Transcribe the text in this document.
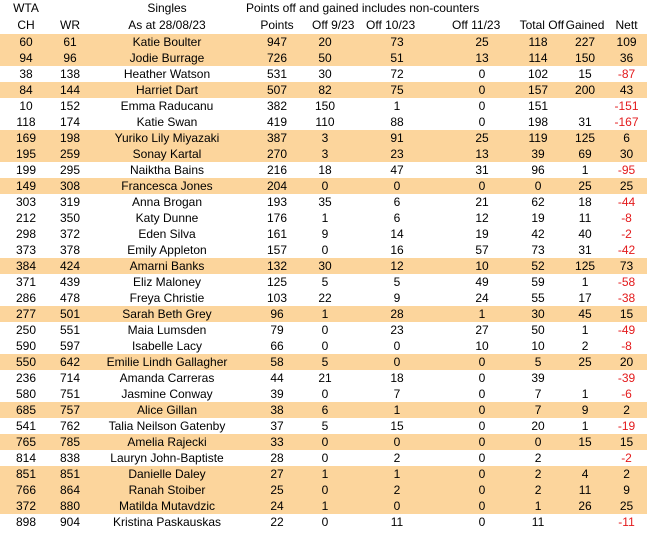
WTA		Singles	Points off and gained includes non-counters						
CH	WR	As at 28/08/23	Points	Off 9/23	Off 10/23	Off 11/23	Total Off	Gained	Nett
60	61	Katie Boulter	947	20	73	25	118	227	109
94	96	Jodie Burrage	726	50	51	13	114	150	36
38	138	Heather Watson	531	30	72	0	102	15	-87
84	144	Harriet Dart	507	82	75	0	157	200	43
10	152	Emma Raducanu	382	150	1	0	151		-151
118	174	Katie Swan	419	110	88	0	198	31	-167
169	198	Yuriko Lily Miyazaki	387	3	91	25	119	125	6
195	259	Sonay Kartal	270	3	23	13	39	69	30
199	295	Naiktha Bains	216	18	47	31	96	1	-95
149	308	Francesca Jones	204	0	0	0	0	25	25
303	319	Anna Brogan	193	35	6	21	62	18	-44
212	350	Katy Dunne	176	1	6	12	19	11	-8
298	372	Eden Silva	161	9	14	19	42	40	-2
373	378	Emily Appleton	157	0	16	57	73	31	-42
384	424	Amarni Banks	132	30	12	10	52	125	73
371	439	Eliz Maloney	125	5	5	49	59	1	-58
286	478	Freya Christie	103	22	9	24	55	17	-38
277	501	Sarah Beth Grey	96	1	28	1	30	45	15
250	551	Maia Lumsden	79	0	23	27	50	1	-49
590	597	Isabelle Lacy	66	0	0	10	10	2	-8
550	642	Emilie Lindh Gallagher	58	5	0	0	5	25	20
236	714	Amanda Carreras	44	21	18	0	39		-39
580	751	Jasmine Conway	39	0	7	0	7	1	-6
685	757	Alice Gillan	38	6	1	0	7	9	2
541	762	Talia Neilson Gatenby	37	5	15	0	20	1	-19
765	785	Amelia Rajecki	33	0	0	0	0	15	15
814	838	Lauryn John-Baptiste	28	0	2	0	2		-2
851	851	Danielle Daley	27	1	1	0	2	4	2
766	864	Ranah Stoiber	25	0	2	0	2	11	9
372	880	Matilda Mutavdzic	24	1	0	0	1	26	25
898	904	Kristina Paskauskas	22	0	11	0	11		-11
